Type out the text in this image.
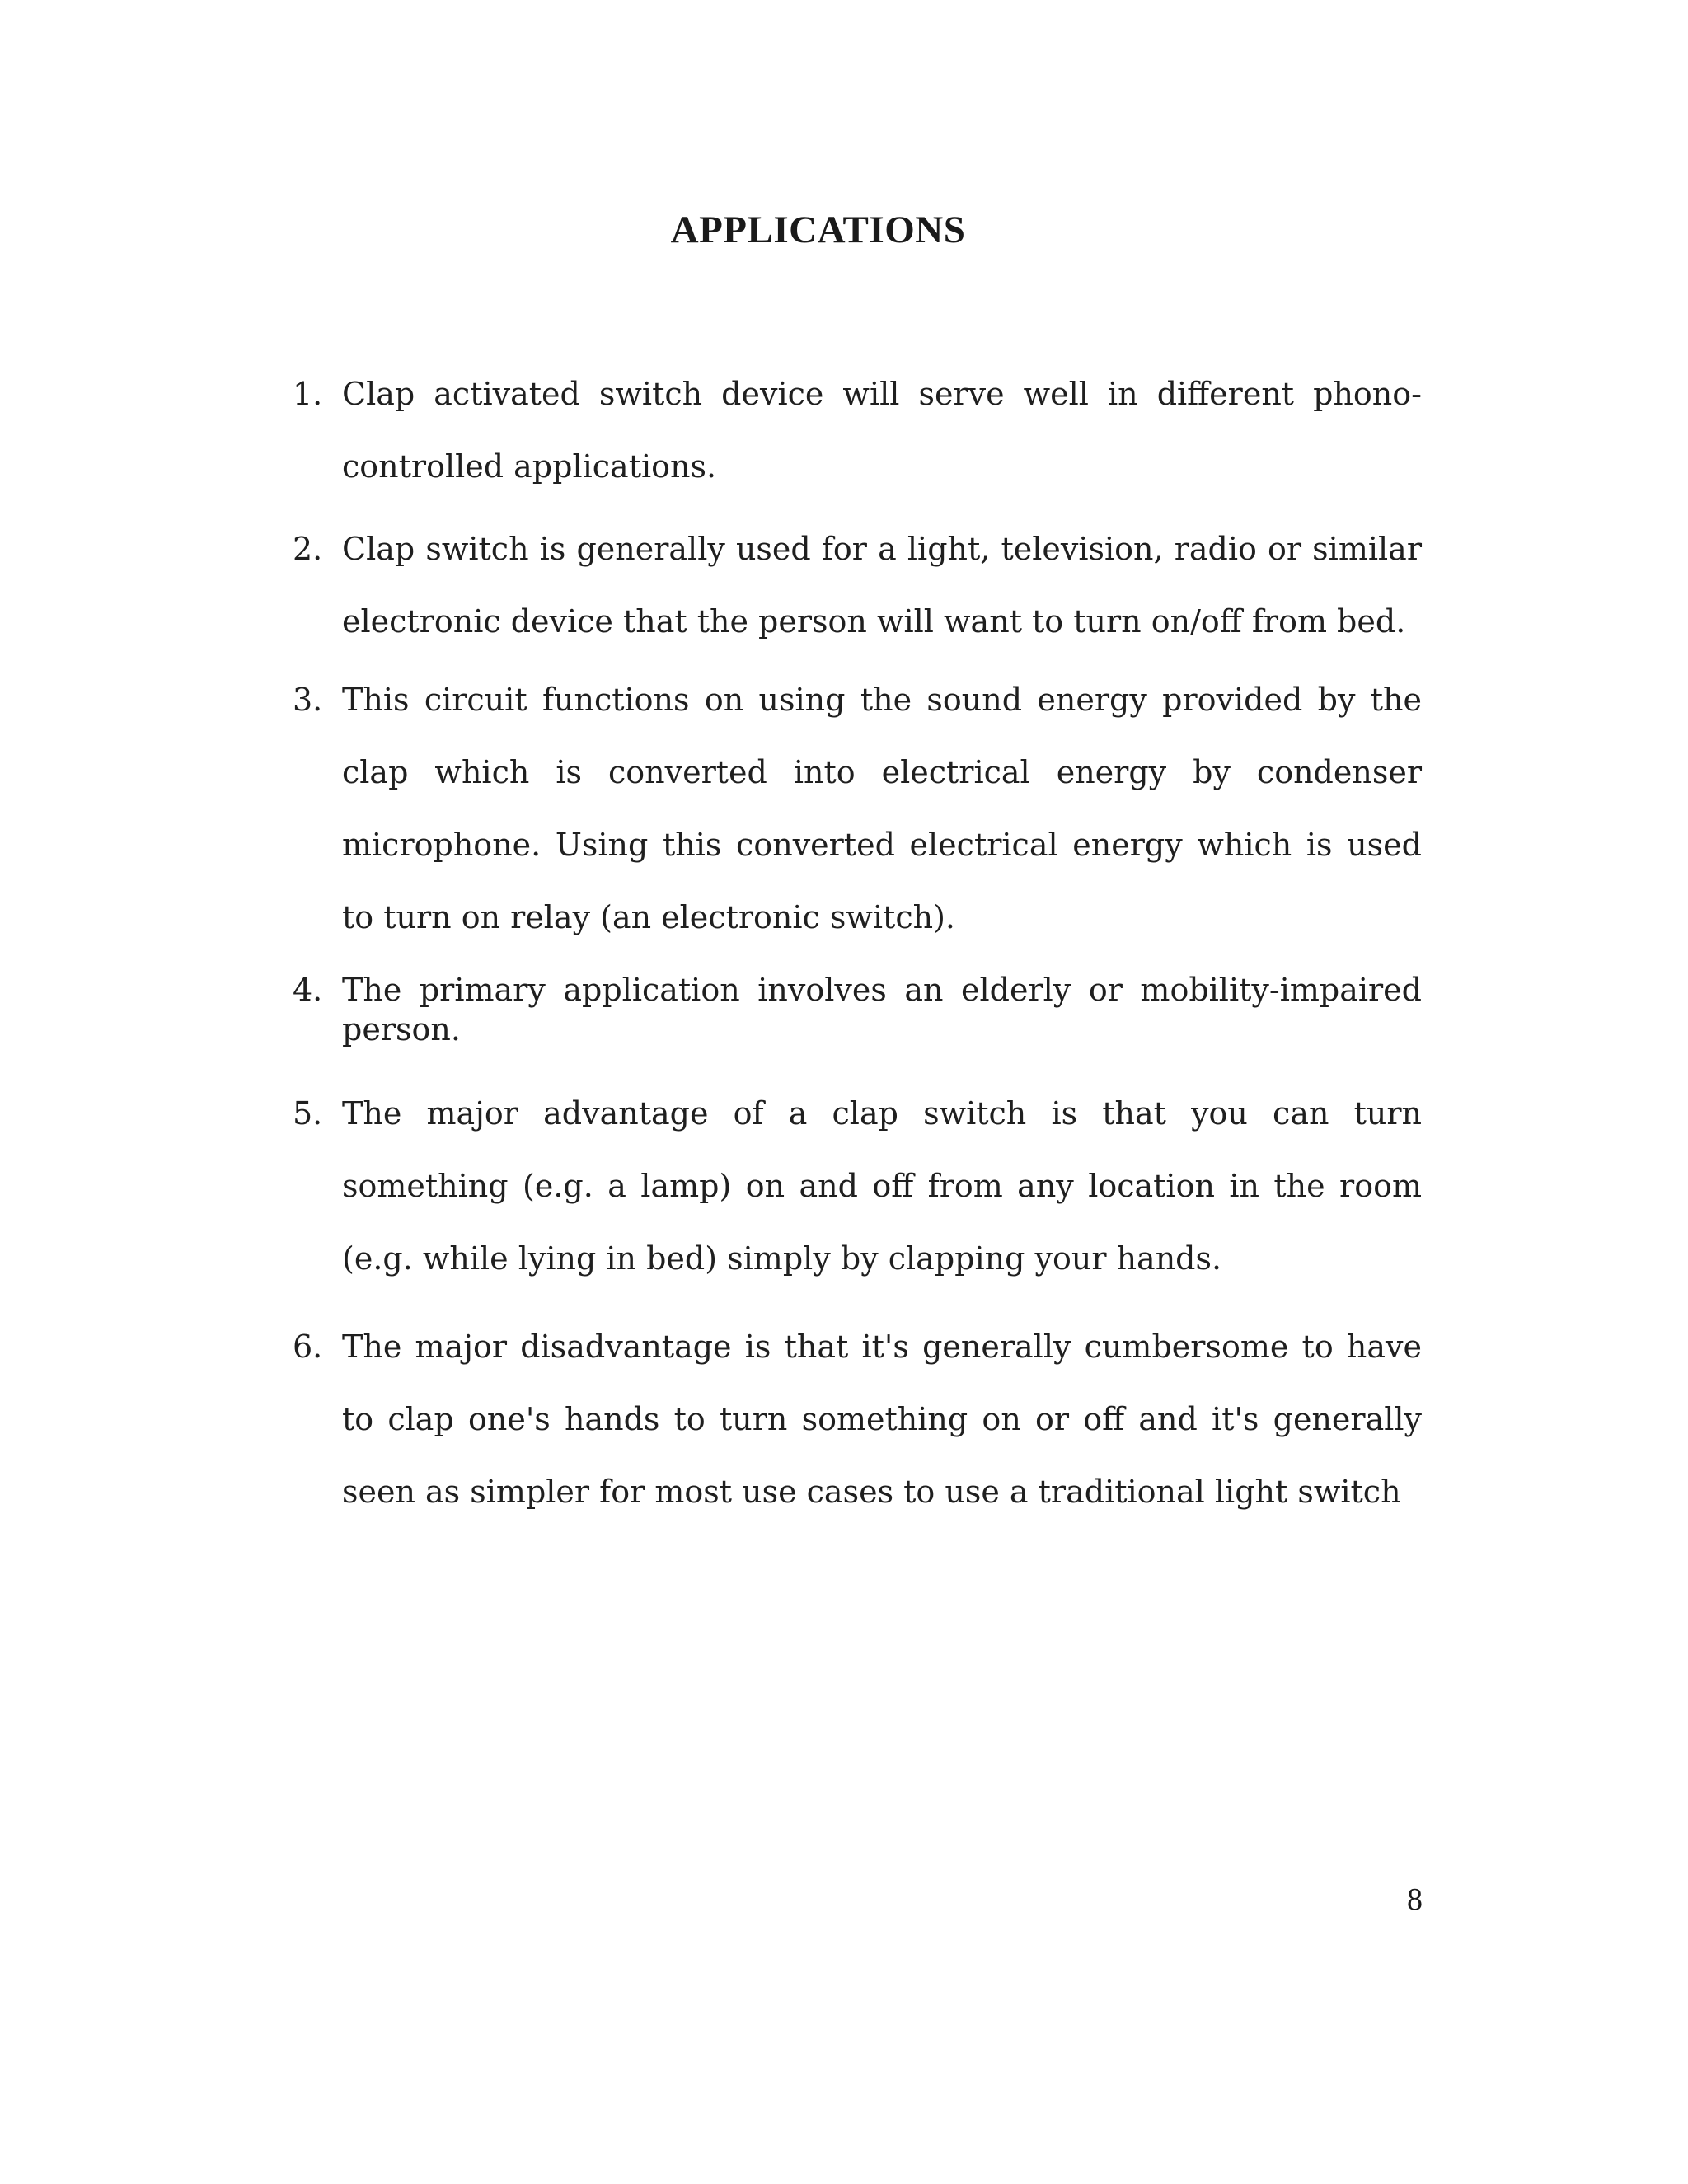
APPLICATIONS
1. Clap activated switch device will serve well in different phono-controlled applications.
2. Clap switch is generally used for a light, television, radio or similar electronic device that the person will want to turn on/off from bed.
3. This circuit functions on using the sound energy provided by the clap which is converted into electrical energy by condenser microphone. Using this converted electrical energy which is used to turn on relay (an electronic switch).
4. The primary application involves an elderly or mobility-impaired person.
5. The major advantage of a clap switch is that you can turn something (e.g. a lamp) on and off from any location in the room (e.g. while lying in bed) simply by clapping your hands.
6. The major disadvantage is that it's generally cumbersome to have to clap one's hands to turn something on or off and it's generally seen as simpler for most use cases to use a traditional light switch
8
